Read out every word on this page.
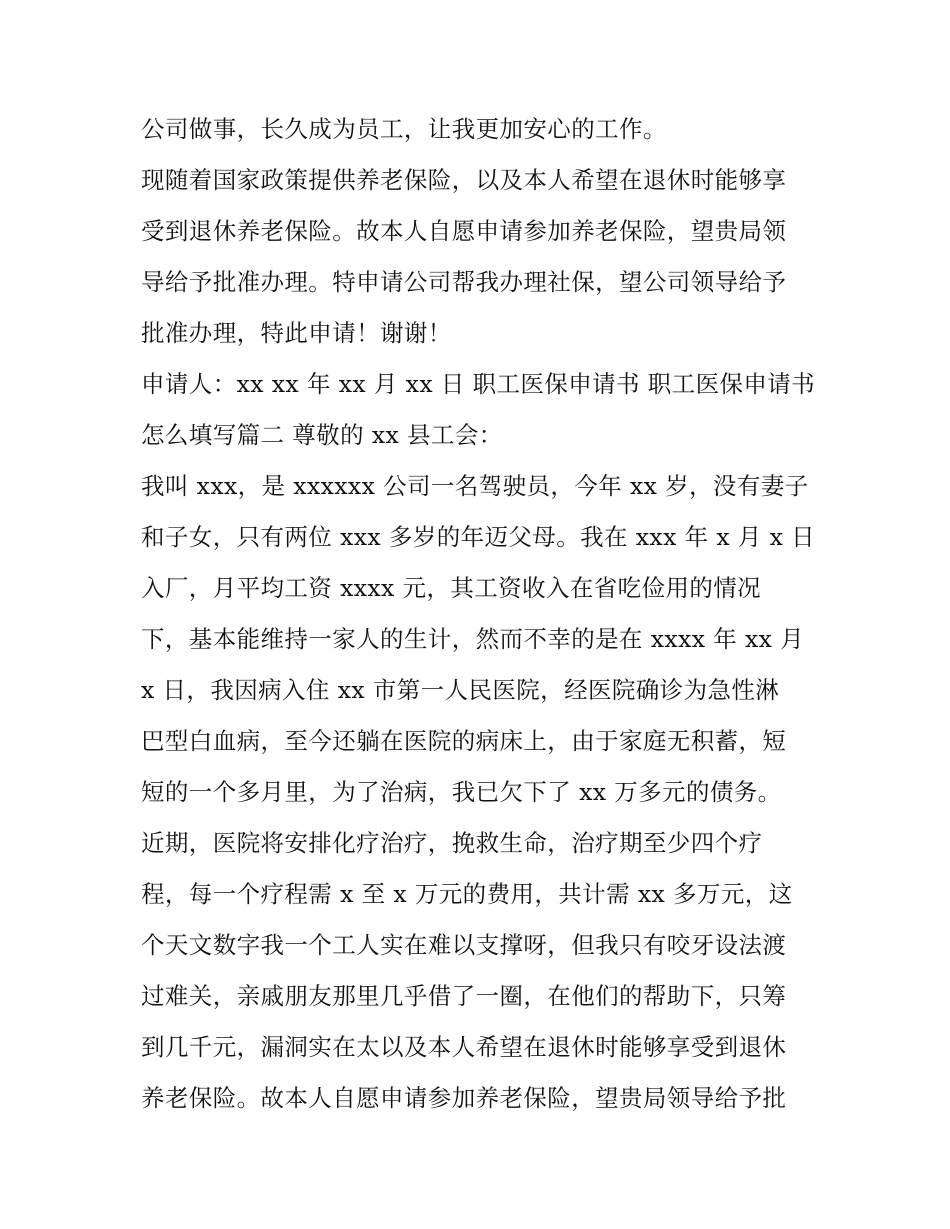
公司做事，长久成为员工，让我更加安心的工作。
现随着国家政策提供养老保险，以及本人希望在退休时能够享
受到退休养老保险。故本人自愿申请参加养老保险，望贵局领
导给予批准办理。特申请公司帮我办理社保，望公司领导给予
批准办理，特此申请！谢谢！
申请人：xx xx 年 xx 月 xx 日 职工医保申请书 职工医保申请书
怎么填写篇二 尊敬的 xx 县工会：
我叫 xxx，是 xxxxxx 公司一名驾驶员，今年 xx 岁，没有妻子
和子女，只有两位 xxx 多岁的年迈父母。我在 xxx 年 x 月 x 日
入厂，月平均工资 xxxx 元，其工资收入在省吃俭用的情况
下，基本能维持一家人的生计，然而不幸的是在 xxxx 年 xx 月
x 日，我因病入住 xx 市第一人民医院，经医院确诊为急性淋
巴型白血病，至今还躺在医院的病床上，由于家庭无积蓄，短
短的一个多月里，为了治病，我已欠下了 xx 万多元的债务。
近期，医院将安排化疗治疗，挽救生命，治疗期至少四个疗
程，每一个疗程需 x 至 x 万元的费用，共计需 xx 多万元，这
个天文数字我一个工人实在难以支撑呀，但我只有咬牙设法渡
过难关，亲戚朋友那里几乎借了一圈，在他们的帮助下，只筹
到几千元，漏洞实在太以及本人希望在退休时能够享受到退休
养老保险。故本人自愿申请参加养老保险，望贵局领导给予批
